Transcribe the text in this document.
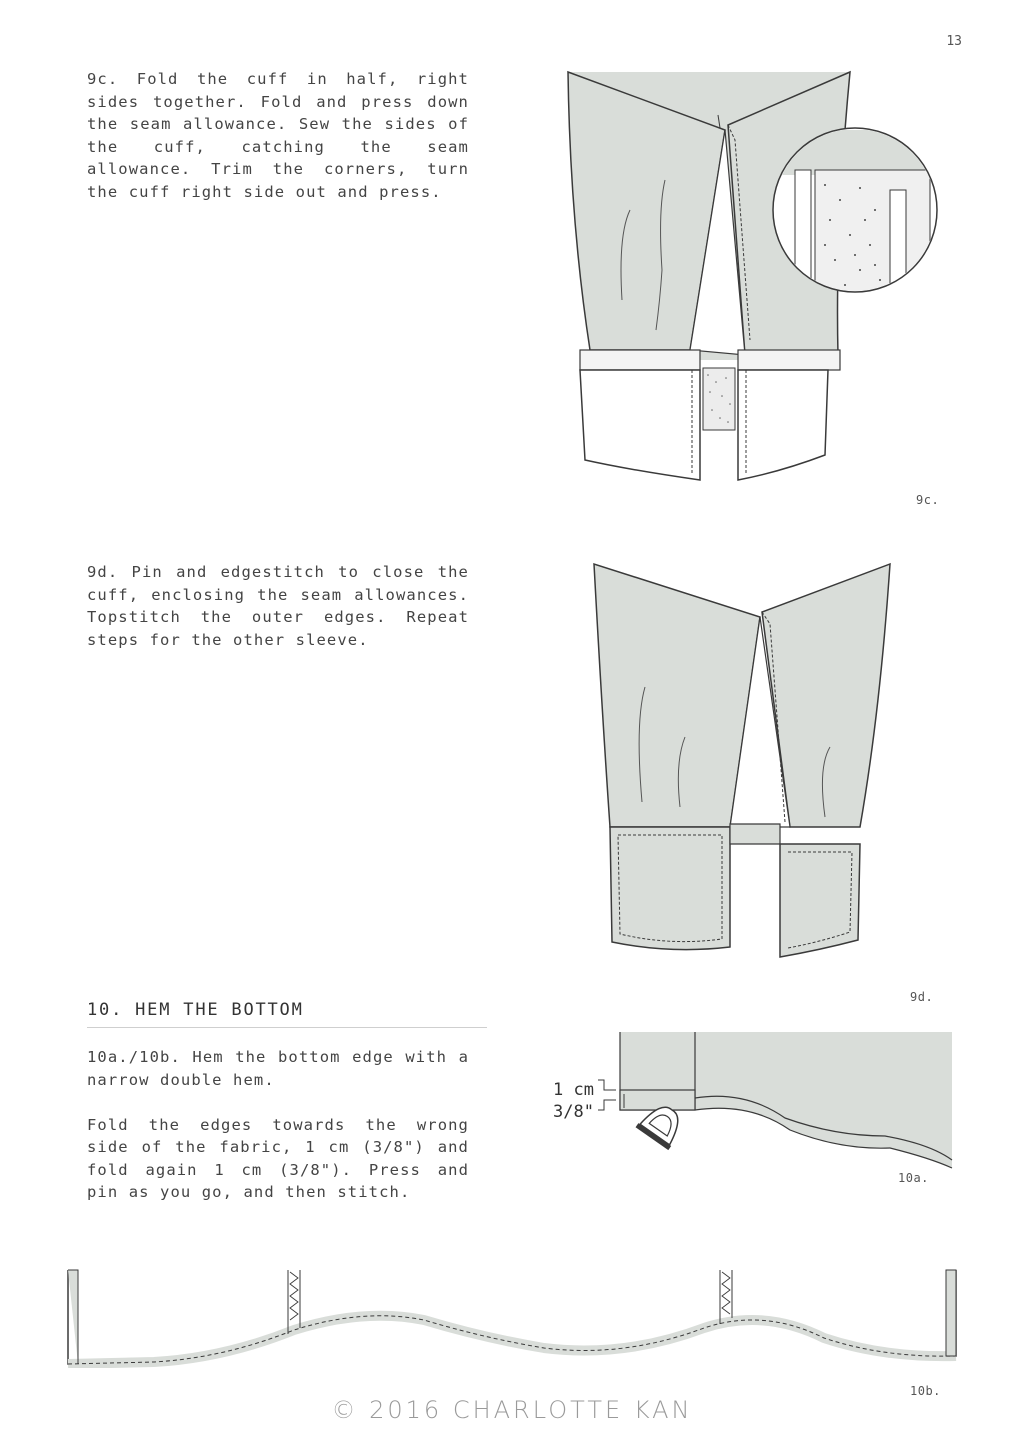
13
9c. Fold the cuff in half, right sides together. Fold and press down the seam allowance. Sew the sides of the cuff, catching the seam allowance. Trim the corners, turn the cuff right side out and press.
9c.
9d. Pin and edgestitch to close the cuff, enclosing the seam allowances. Topstitch the outer edges. Repeat steps for the other sleeve.
9d.
10. HEM THE BOTTOM

10a./10b. Hem the bottom edge with a narrow double hem.

Fold the edges towards the wrong side of the fabric, 1 cm (3/8") and fold again 1 cm (3/8"). Press and pin as you go, and then stitch.

1 cm
3/8"
10a.
10b.
© 2016 CHARLOTTE KAN
